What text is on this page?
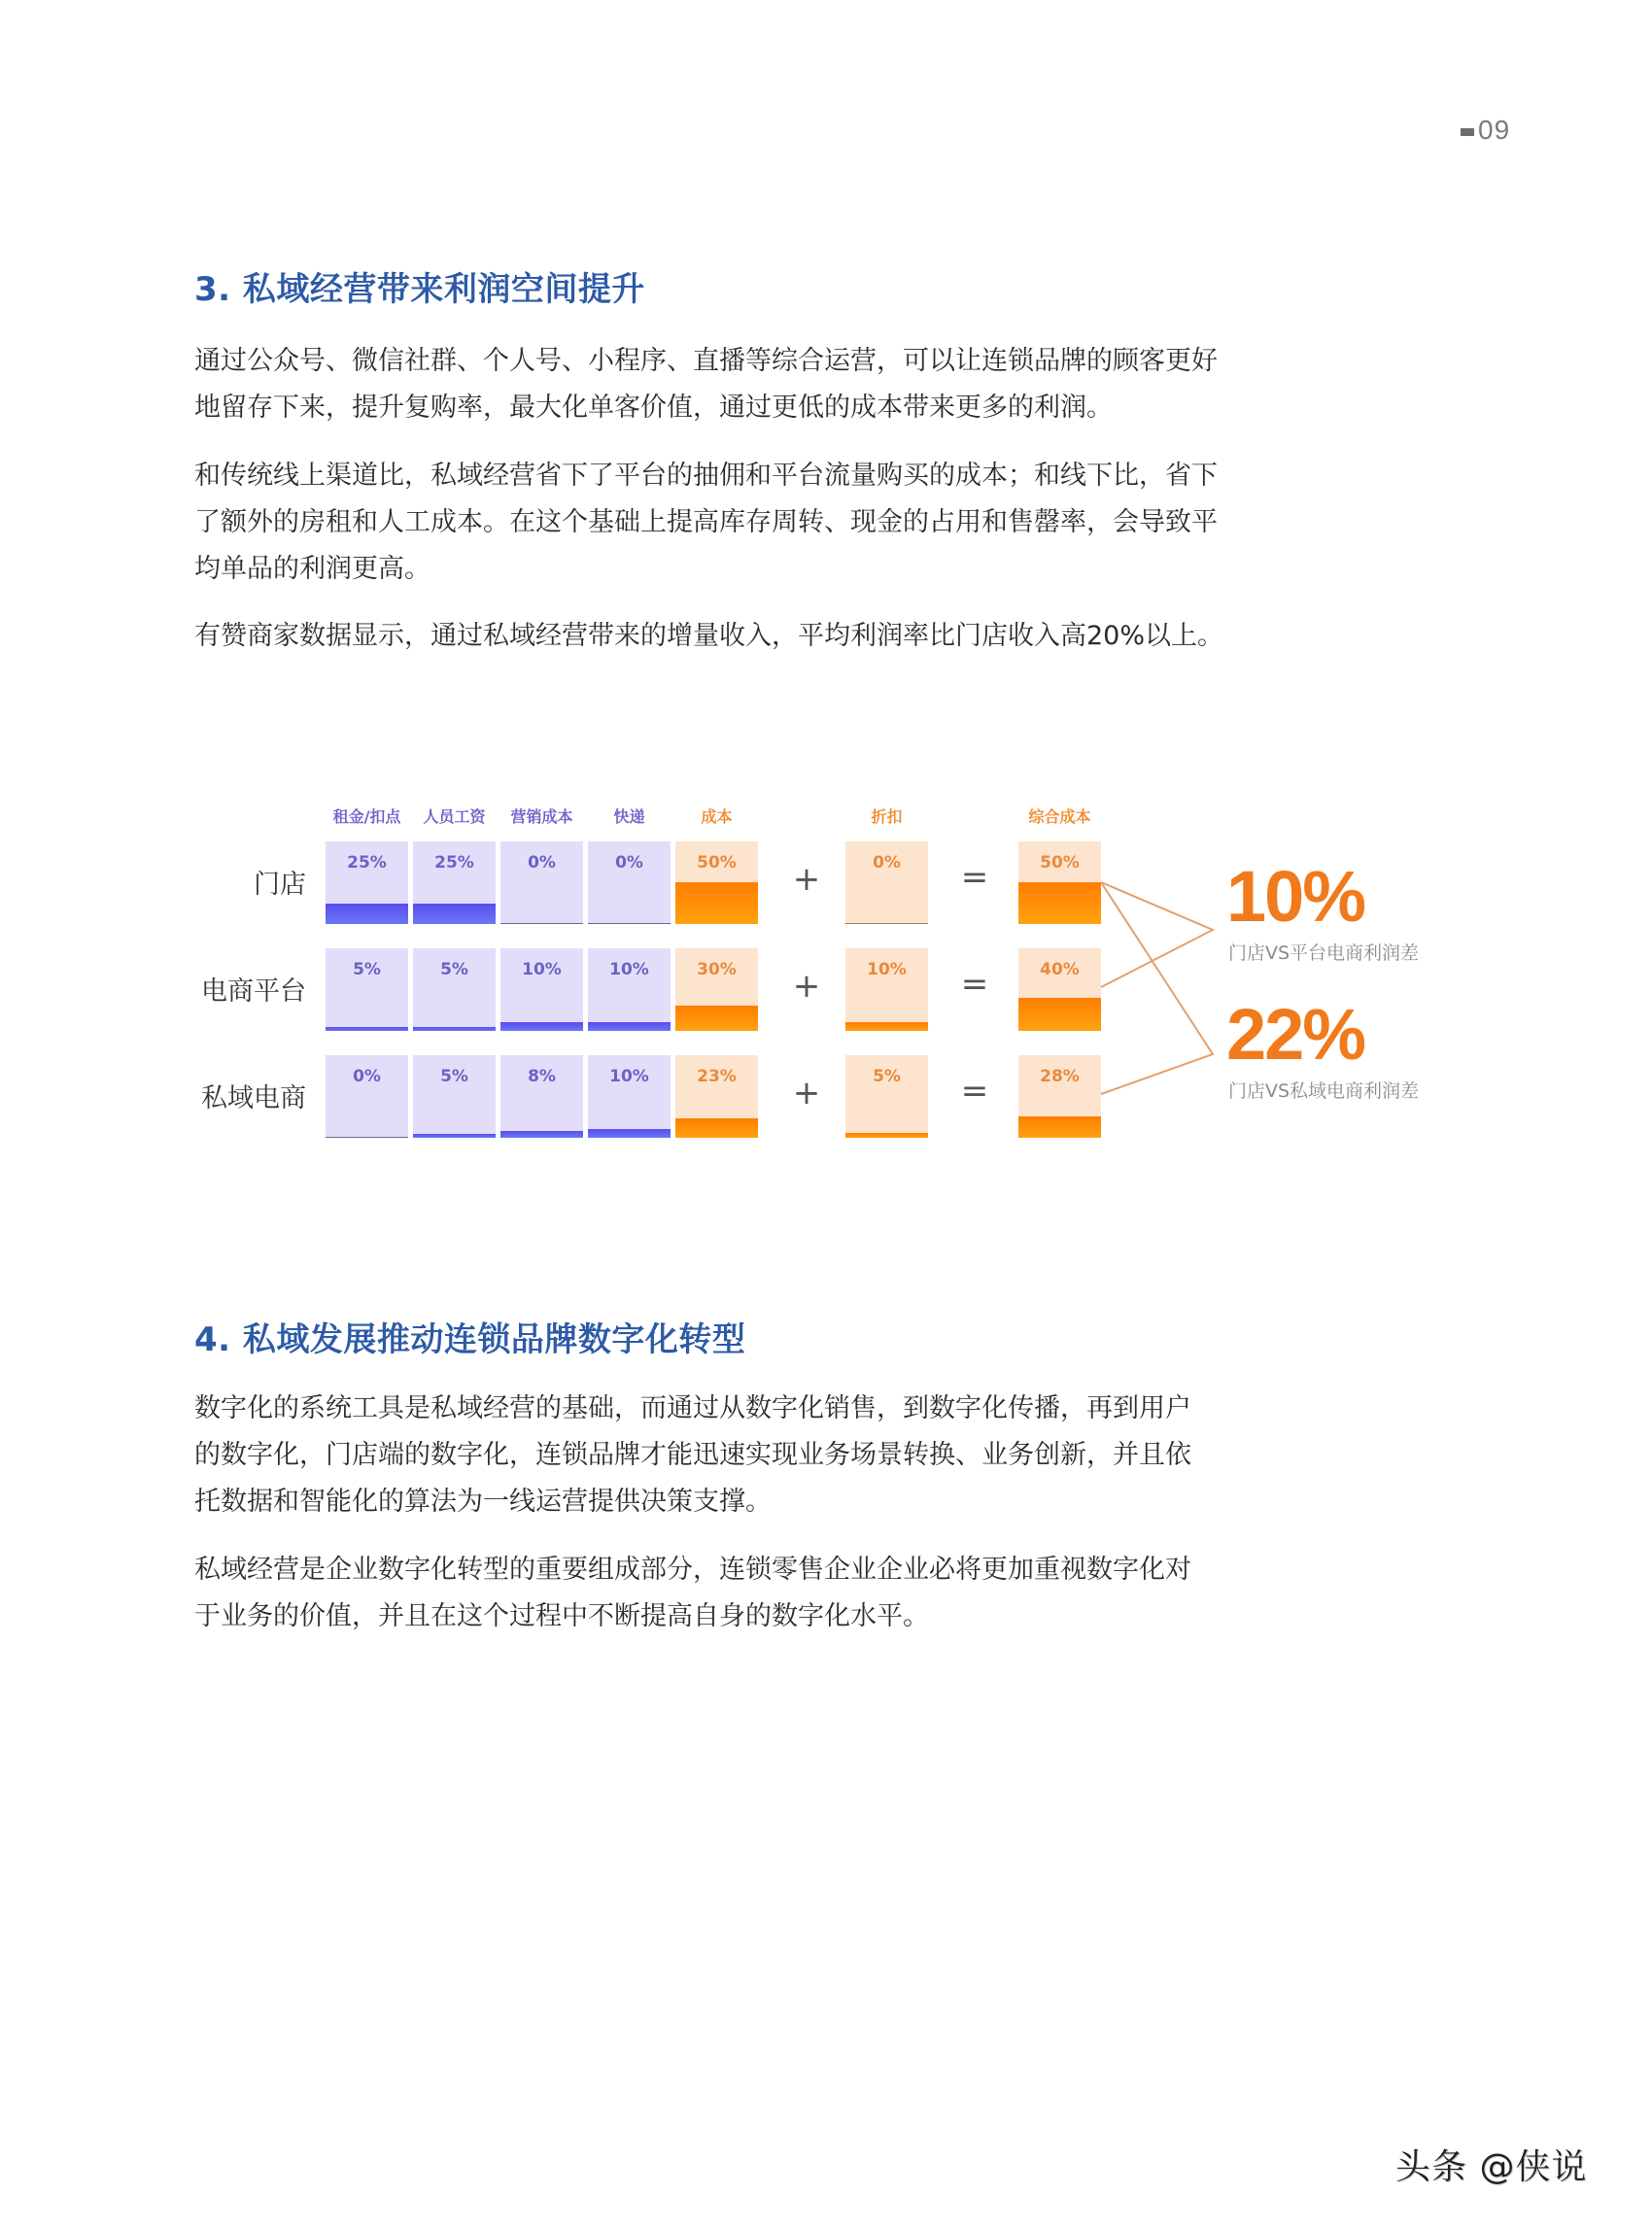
09
3. 私域经营带来利润空间提升

通过公众号、微信社群、个人号、小程序、直播等综合运营，可以让连锁品牌的顾客更好地留存下来，提升复购率，最大化单客价值，通过更低的成本带来更多的利润。

和传统线上渠道比，私域经营省下了平台的抽佣和平台流量购买的成本；和线下比，省下了额外的房租和人工成本。在这个基础上提高库存周转、现金的占用和售罄率，会导致平均单品的利润更高。

有赞商家数据显示，通过私域经营带来的增量收入，平均利润率比门店收入高20%以上。

租金/扣点	人员工资	营销成本	快递	成本	折扣	综合成本
门店
25%	25%	0%	0%	50%	+	0%	=	50%
电商平台
5%	5%	10%	10%	30%	+	10%	=	40%
私域电商
0%	5%	8%	10%	23%	+	5%	=	28%
10%
门店VS平台电商利润差
22%
门店VS私域电商利润差
4. 私域发展推动连锁品牌数字化转型

数字化的系统工具是私域经营的基础，而通过从数字化销售，到数字化传播，再到用户的数字化，门店端的数字化，连锁品牌才能迅速实现业务场景转换、业务创新，并且依托数据和智能化的算法为一线运营提供决策支撑。

私域经营是企业数字化转型的重要组成部分，连锁零售企业企业必将更加重视数字化对于业务的价值，并且在这个过程中不断提高自身的数字化水平。

头条 @侠说
